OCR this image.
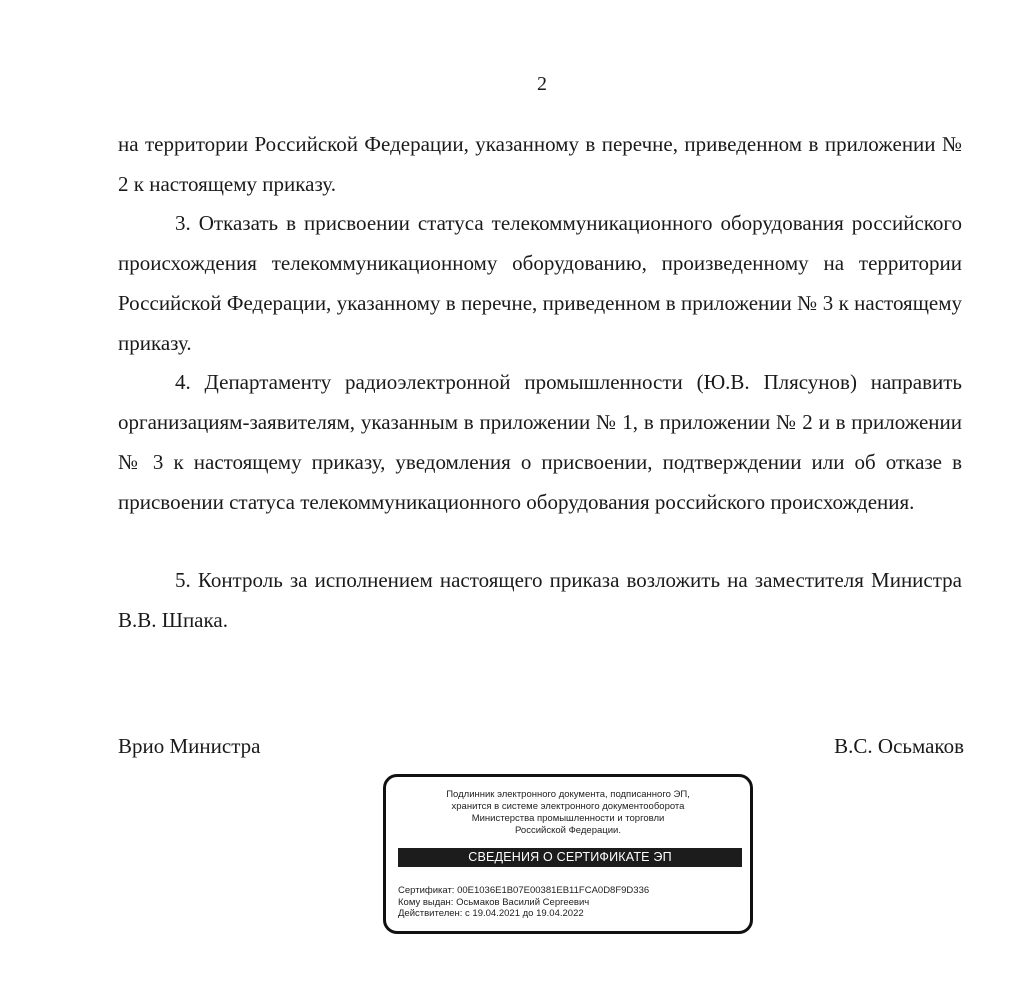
2

на территории Российской Федерации, указанному в перечне, приведенном в приложении № 2 к настоящему приказу.

3. Отказать в присвоении статуса телекоммуникационного оборудования российского происхождения телекоммуникационному оборудованию, произведенному на территории Российской Федерации, указанному в перечне, приведенном в приложении № 3 к настоящему приказу.

4. Департаменту радиоэлектронной промышленности (Ю.В. Плясунов) направить организациям-заявителям, указанным в приложении № 1, в приложении № 2 и в приложении № 3 к настоящему приказу, уведомления о присвоении, подтверждении или об отказе в присвоении статуса телекоммуникационного оборудования российского происхождения.

5. Контроль за исполнением настоящего приказа возложить на заместителя Министра В.В. Шпака.

Врио Министра	В.С. Осьмаков
Подлинник электронного документа, подписанного ЭП,
хранится в системе электронного документооборота
Министерства промышленности и торговли
Российской Федерации.
СВЕДЕНИЯ О СЕРТИФИКАТЕ ЭП
Сертификат: 00E1036E1B07E00381EB11FCA0D8F9D336
Кому выдан: Осьмаков Василий Сергеевич
Действителен: с 19.04.2021 до 19.04.2022
